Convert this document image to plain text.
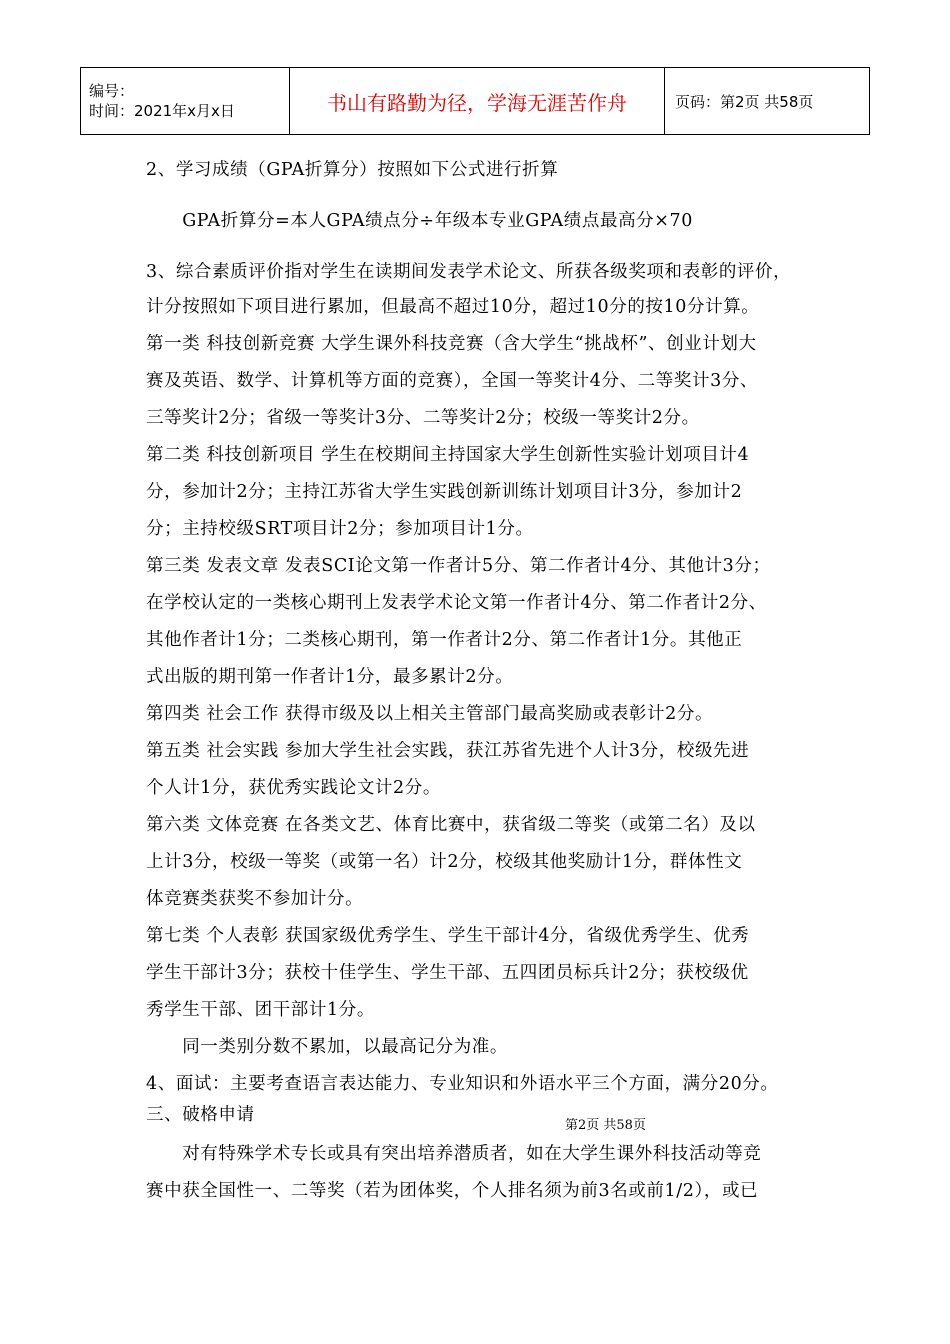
编号：
时间：2021年x月x日	书山有路勤为径，学海无涯苦作舟	页码：第2页 共58页
2、学习成绩（GPA折算分）按照如下公式进行折算
　　GPA折算分=本人GPA绩点分÷年级本专业GPA绩点最高分×70
3、综合素质评价指对学生在读期间发表学术论文、所获各级奖项和表彰的评价，
计分按照如下项目进行累加，但最高不超过10分，超过10分的按10分计算。
第一类 科技创新竞赛 大学生课外科技竞赛（含大学生“挑战杯”、创业计划大
赛及英语、数学、计算机等方面的竞赛），全国一等奖计4分、二等奖计3分、
三等奖计2分；省级一等奖计3分、二等奖计2分；校级一等奖计2分。
第二类 科技创新项目 学生在校期间主持国家大学生创新性实验计划项目计4
分，参加计2分；主持江苏省大学生实践创新训练计划项目计3分，参加计2
分；主持校级SRT项目计2分；参加项目计1分。
第三类 发表文章 发表SCI论文第一作者计5分、第二作者计4分、其他计3分；
在学校认定的一类核心期刊上发表学术论文第一作者计4分、第二作者计2分、
其他作者计1分；二类核心期刊，第一作者计2分、第二作者计1分。其他正
式出版的期刊第一作者计1分，最多累计2分。
第四类 社会工作 获得市级及以上相关主管部门最高奖励或表彰计2分。
第五类 社会实践 参加大学生社会实践，获江苏省先进个人计3分，校级先进
个人计1分，获优秀实践论文计2分。
第六类 文体竞赛 在各类文艺、体育比赛中，获省级二等奖（或第二名）及以
上计3分，校级一等奖（或第一名）计2分，校级其他奖励计1分，群体性文
体竞赛类获奖不参加计分。
第七类 个人表彰 获国家级优秀学生、学生干部计4分，省级优秀学生、优秀
学生干部计3分；获校十佳学生、学生干部、五四团员标兵计2分；获校级优
秀学生干部、团干部计1分。
　　同一类别分数不累加，以最高记分为准。
4、面试：主要考查语言表达能力、专业知识和外语水平三个方面，满分20分。
三、破格申请
　　对有特殊学术专长或具有突出培养潜质者，如在大学生课外科技活动等竞
赛中获全国性一、二等奖（若为团体奖，个人排名须为前3名或前1/2），或已
第2页 共58页
